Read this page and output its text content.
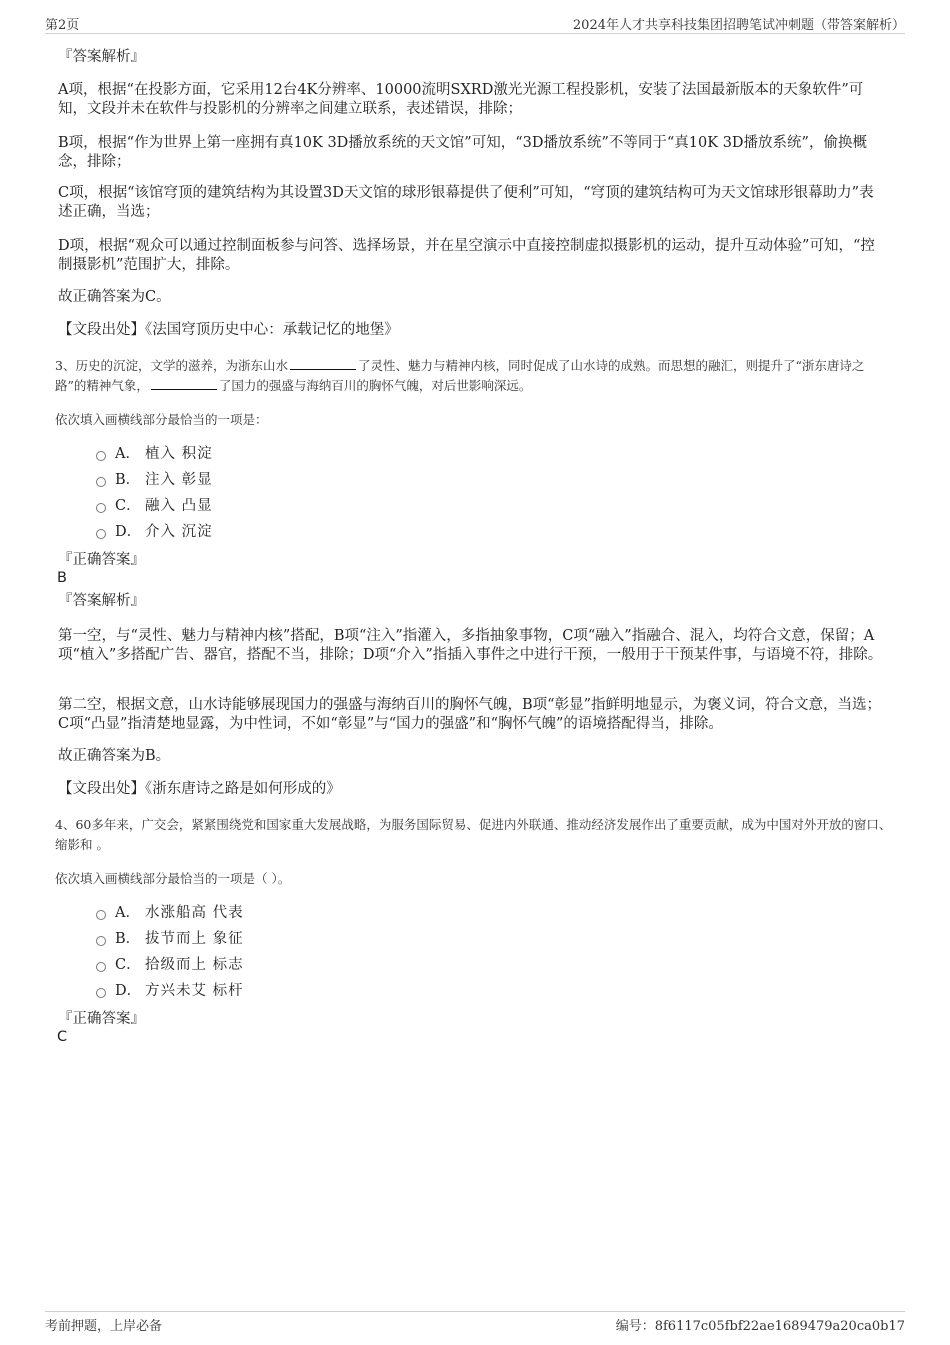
第2页	2024年人才共享科技集团招聘笔试冲刺题（带答案解析）
『答案解析』
A项，根据“在投影方面，它采用12台4K分辨率、10000流明SXRD激光光源工程投影机，安装了法国最新版本的天象软件”可知，文段并未在软件与投影机的分辨率之间建立联系，表述错误，排除；
B项，根据“作为世界上第一座拥有真10K 3D播放系统的天文馆”可知，“3D播放系统”不等同于“真10K 3D播放系统”，偷换概念，排除；
C项，根据“该馆穹顶的建筑结构为其设置3D天文馆的球形银幕提供了便利”可知，“穹顶的建筑结构可为天文馆球形银幕助力”表述正确，当选；
D项，根据“观众可以通过控制面板参与问答、选择场景，并在星空演示中直接控制虚拟摄影机的运动，提升互动体验”可知，“控制摄影机”范围扩大，排除。
故正确答案为C。
【文段出处】《法国穹顶历史中心：承载记忆的地堡》
3、历史的沉淀，文学的滋养，为浙东山水	了灵性、魅力与精神内核，同时促成了山水诗的成熟。而思想的融汇，则提升了“浙东唐诗之路”的精神气象，	了国力的强盛与海纳百川的胸怀气魄，对后世影响深远。
依次填入画横线部分最恰当的一项是：
A． 植入 积淀
B． 注入 彰显
C． 融入 凸显
D． 介入 沉淀
『正确答案』
B
『答案解析』
第一空，与“灵性、魅力与精神内核”搭配，B项“注入”指灌入，多指抽象事物，C项“融入”指融合、混入，均符合文意，保留；A项“植入”多搭配广告、器官，搭配不当，排除；D项“介入”指插入事件之中进行干预，一般用于干预某件事，与语境不符，排除。
第二空，根据文意，山水诗能够展现国力的强盛与海纳百川的胸怀气魄，B项“彰显”指鲜明地显示，为褒义词，符合文意，当选；C项“凸显”指清楚地显露，为中性词，不如“彰显”与“国力的强盛”和“胸怀气魄”的语境搭配得当，排除。
故正确答案为B。
【文段出处】《浙东唐诗之路是如何形成的》
4、60多年来，广交会，紧紧围绕党和国家重大发展战略，为服务国际贸易、促进内外联通、推动经济发展作出了重要贡献，成为中国对外开放的窗口、缩影和 。
依次填入画横线部分最恰当的一项是（ ）。
A． 水涨船高 代表
B． 拔节而上 象征
C． 拾级而上 标志
D． 方兴未艾 标杆
『正确答案』
C
考前押题，上岸必备	编号：8f6117c05fbf22ae1689479a20ca0b17
